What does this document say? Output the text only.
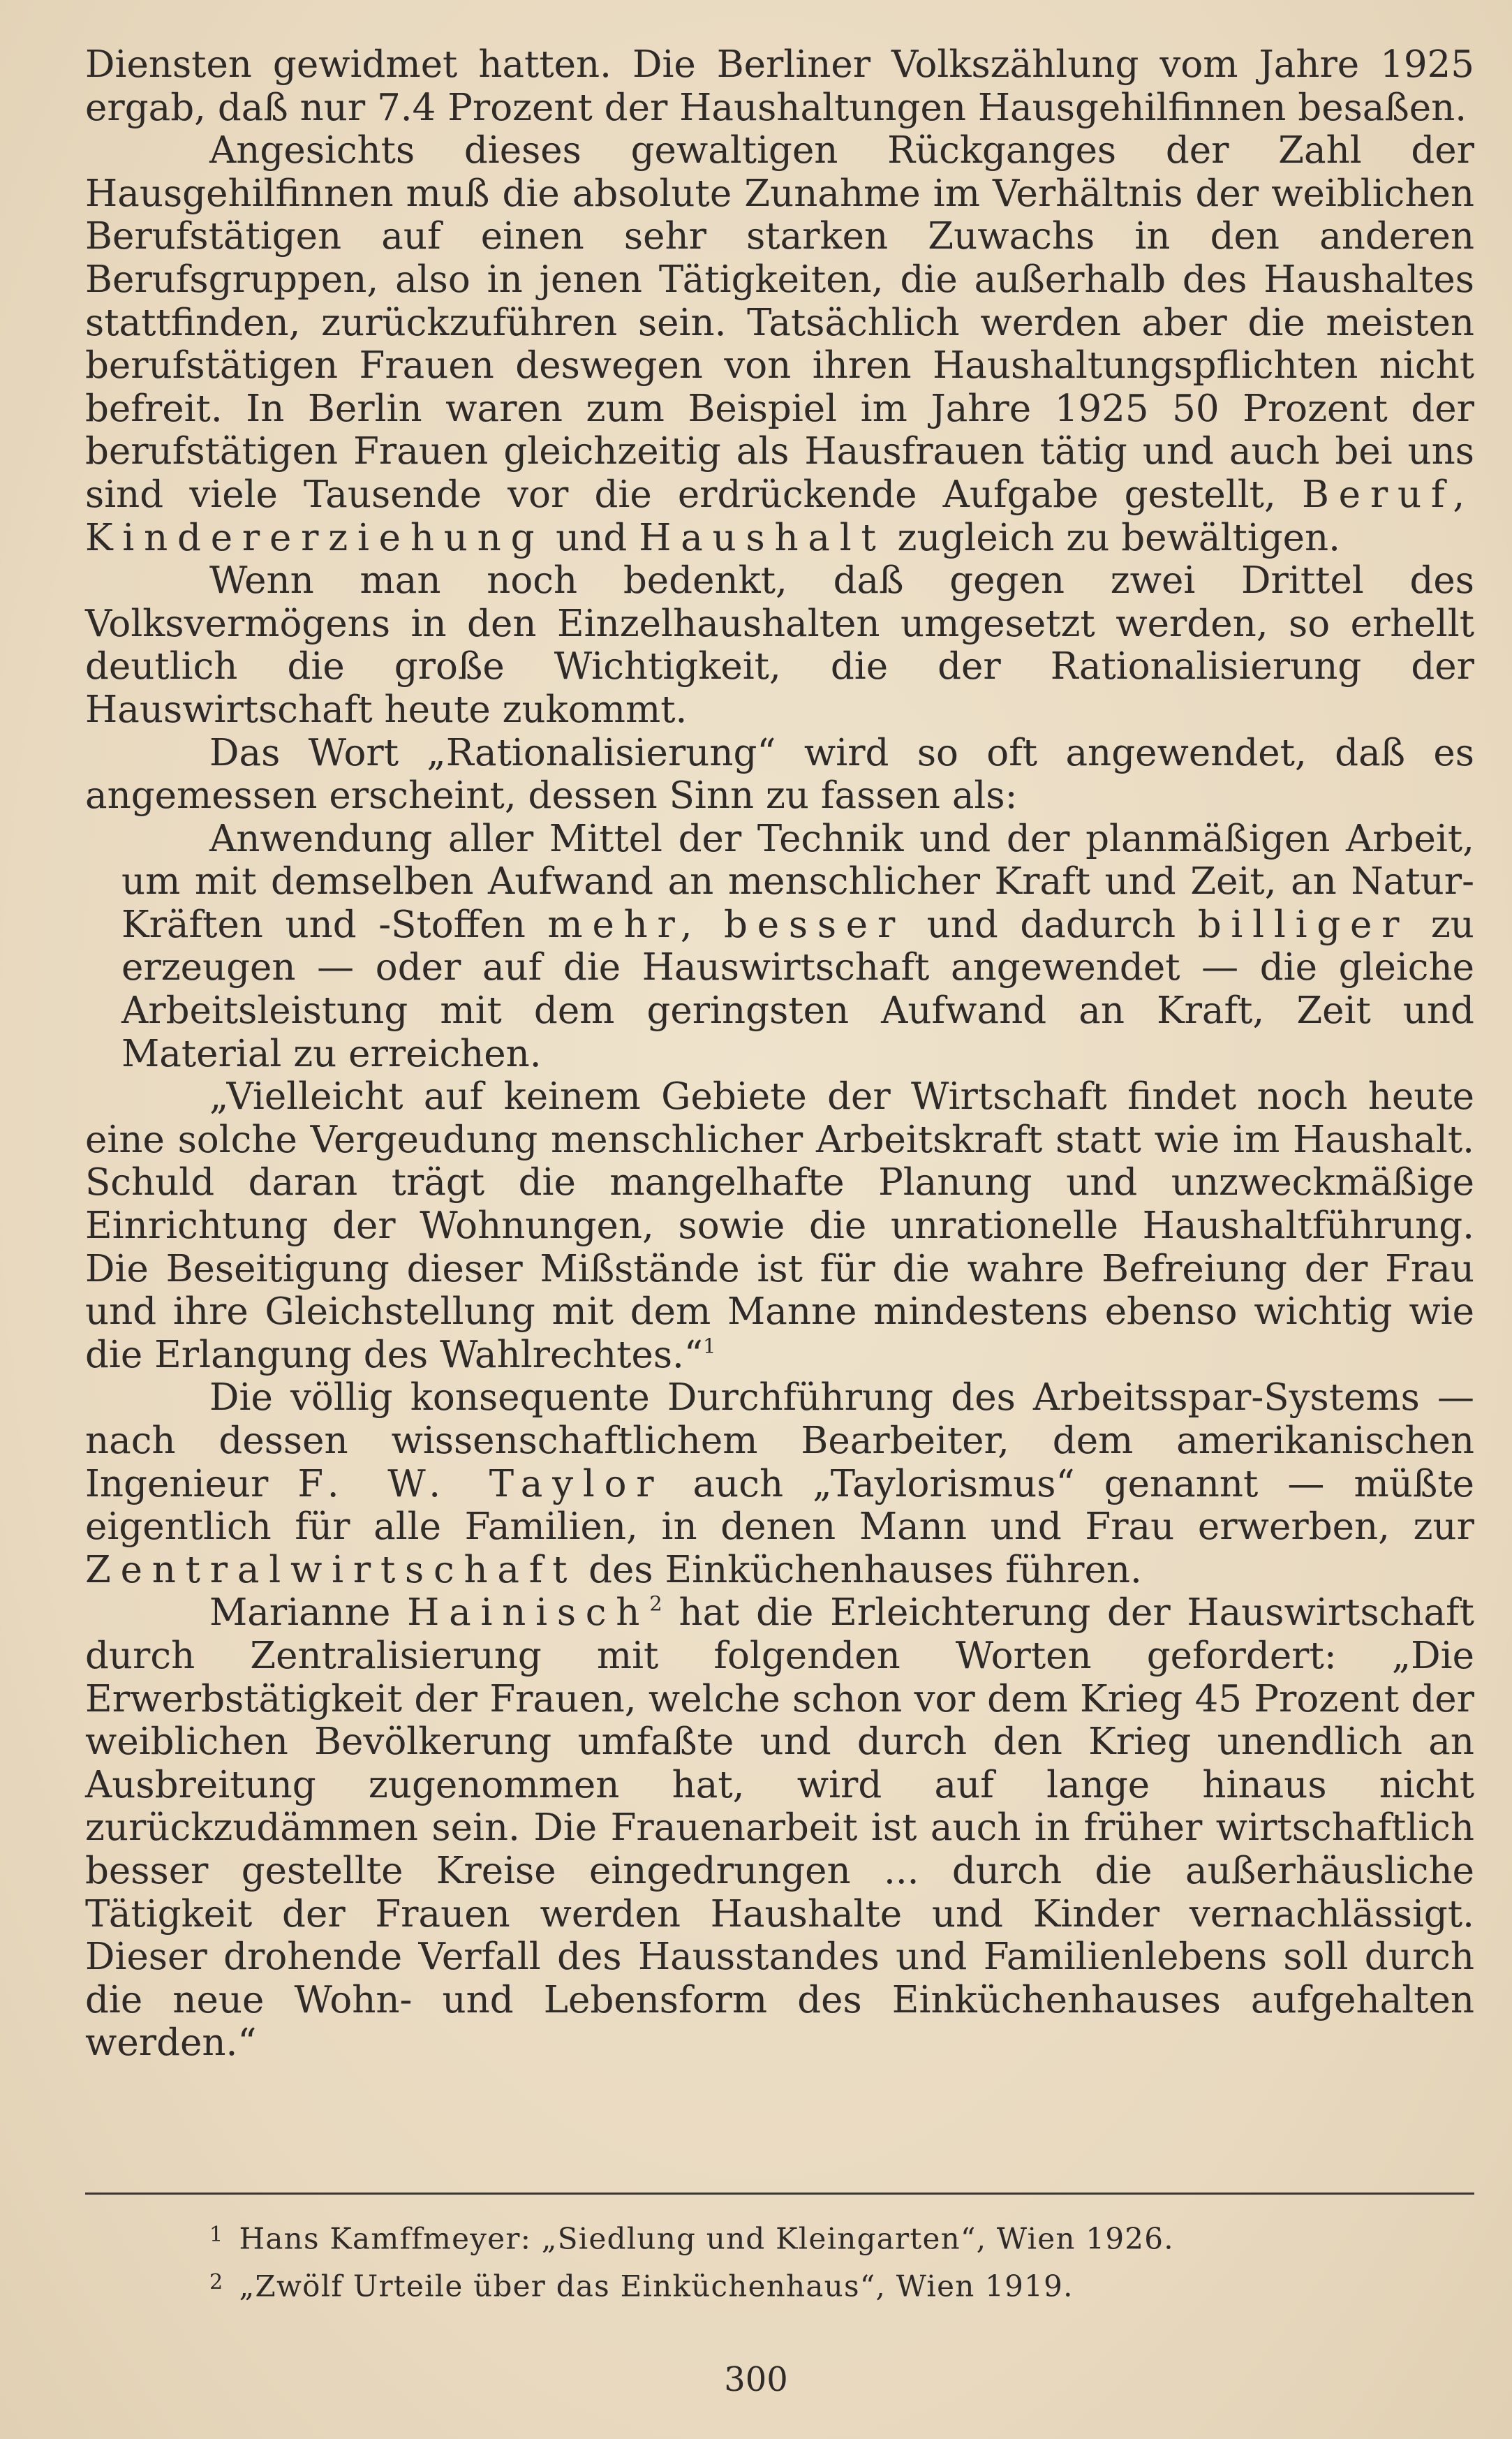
Diensten gewidmet hatten. Die Berliner Volkszählung vom Jahre 1925 ergab, daß nur 7.4 Prozent der Haushaltungen Hausgehilfinnen besaßen.

Angesichts dieses gewaltigen Rückganges der Zahl der Hausgehilfinnen muß die absolute Zunahme im Verhältnis der weiblichen Berufstätigen auf einen sehr starken Zuwachs in den anderen Berufsgruppen, also in jenen Tätigkeiten, die außerhalb des Haushaltes stattfinden, zurückzuführen sein. Tatsächlich werden aber die meisten berufstätigen Frauen deswegen von ihren Haushaltungspflichten nicht befreit. In Berlin waren zum Beispiel im Jahre 1925 50 Prozent der berufstätigen Frauen gleichzeitig als Hausfrauen tätig und auch bei uns sind viele Tausende vor die erdrückende Aufgabe gestellt, Beruf, Kindererziehung und Haushalt zugleich zu bewältigen.

Wenn man noch bedenkt, daß gegen zwei Drittel des Volksvermögens in den Einzelhaushalten umgesetzt werden, so erhellt deutlich die große Wichtigkeit, die der Rationalisierung der Hauswirtschaft heute zukommt.

Das Wort „Rationalisierung“ wird so oft angewendet, daß es angemessen erscheint, dessen Sinn zu fassen als:

Anwendung aller Mittel der Technik und der planmäßigen Arbeit, um mit demselben Aufwand an menschlicher Kraft und Zeit, an Natur-Kräften und -Stoffen mehr, besser und dadurch billiger zu erzeugen — oder auf die Hauswirtschaft angewendet — die gleiche Arbeitsleistung mit dem geringsten Aufwand an Kraft, Zeit und Material zu erreichen.

„Vielleicht auf keinem Gebiete der Wirtschaft findet noch heute eine solche Vergeudung menschlicher Arbeitskraft statt wie im Haushalt. Schuld daran trägt die mangelhafte Planung und unzweckmäßige Einrichtung der Wohnungen, sowie die unrationelle Haushaltführung. Die Beseitigung dieser Mißstände ist für die wahre Befreiung der Frau und ihre Gleichstellung mit dem Manne mindestens ebenso wichtig wie die Erlangung des Wahlrechtes.“$^1$

Die völlig konsequente Durchführung des Arbeitsspar-Systems — nach dessen wissenschaftlichem Bearbeiter, dem amerikanischen Ingenieur F. W. Taylor auch „Taylorismus“ genannt — müßte eigentlich für alle Familien, in denen Mann und Frau erwerben, zur Zentralwirtschaft des Einküchenhauses führen.

Marianne Hainisch$^2$ hat die Erleichterung der Hauswirtschaft durch Zentralisierung mit folgenden Worten gefordert: „Die Erwerbstätigkeit der Frauen, welche schon vor dem Krieg 45 Prozent der weiblichen Bevölkerung umfaßte und durch den Krieg unendlich an Ausbreitung zugenommen hat, wird auf lange hinaus nicht zurückzudämmen sein. Die Frauenarbeit ist auch in früher wirtschaftlich besser gestellte Kreise eingedrungen ... durch die außerhäusliche Tätigkeit der Frauen werden Haushalte und Kinder vernachlässigt. Dieser drohende Verfall des Hausstandes und Familienlebens soll durch die neue Wohn- und Lebensform des Einküchenhauses aufgehalten werden.“

$^1$ Hans Kamffmeyer: „Siedlung und Kleingarten“, Wien 1926.
$^2$ „Zwölf Urteile über das Einküchenhaus“, Wien 1919.
300
